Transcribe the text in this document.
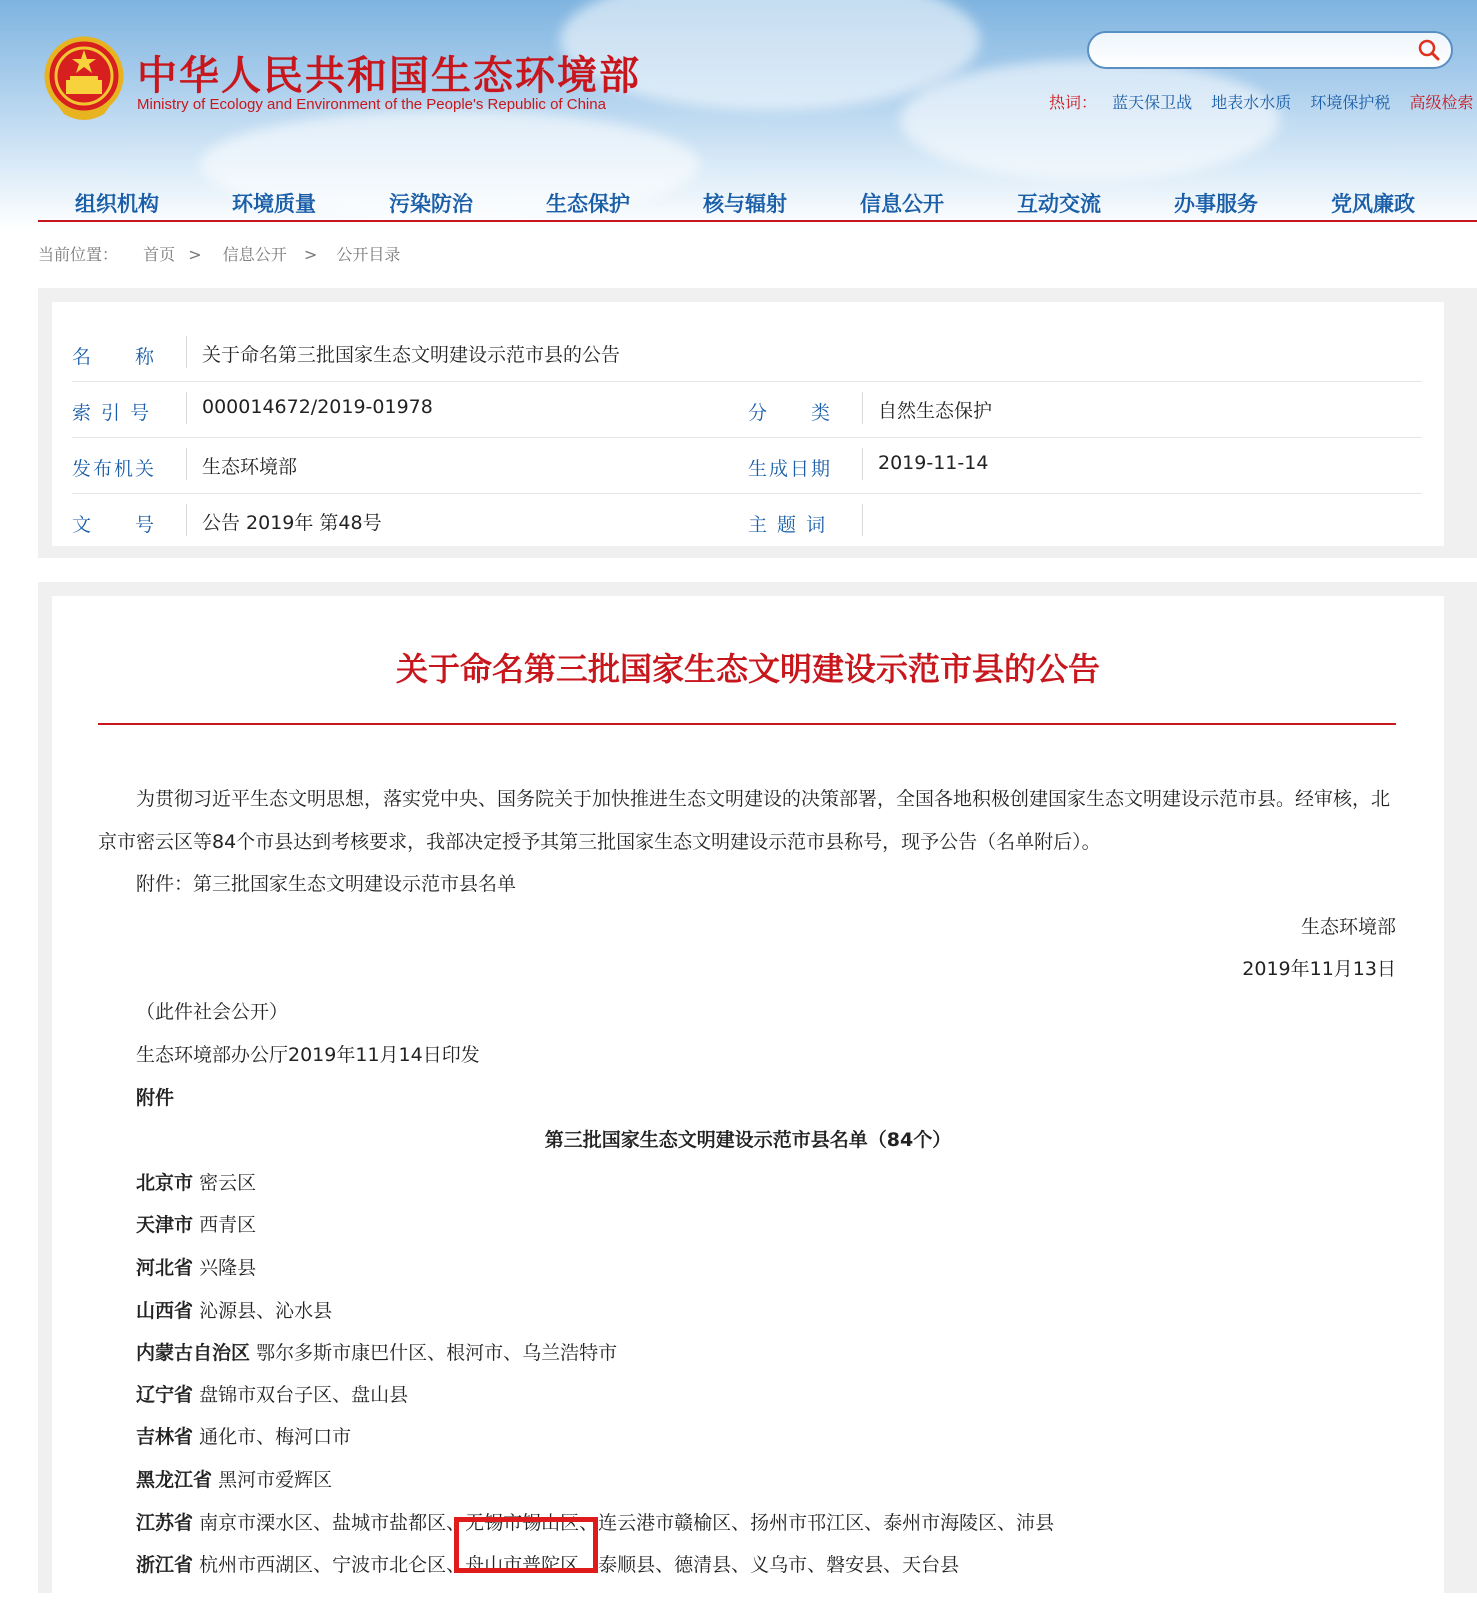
中华人民共和国生态环境部
Ministry of Ecology and Environment of the People's Republic of China	热词： 蓝天保卫战 地表水水质 环境保护税 高级检索
组织机构	环境质量	污染防治	生态保护	核与辐射	信息公开	互动交流	办事服务	党风廉政
当前位置： 首页 > 信息公开 > 公开目录
名　　称	关于命名第三批国家生态文明建设示范市县的公告
索 引 号	000014672/2019-01978	分　　类	自然生态保护
发布机关	生态环境部	生成日期	2019-11-14
文　　号	公告 2019年 第48号	主 题 词
关于命名第三批国家生态文明建设示范市县的公告
为贯彻习近平生态文明思想，落实党中央、国务院关于加快推进生态文明建设的决策部署，全国各地积极创建国家生态文明建设示范市县。经审核，北
京市密云区等84个市县达到考核要求，我部决定授予其第三批国家生态文明建设示范市县称号，现予公告（名单附后）。
附件：第三批国家生态文明建设示范市县名单
生态环境部
2019年11月13日
（此件社会公开）
生态环境部办公厅2019年11月14日印发
附件
第三批国家生态文明建设示范市县名单（84个）
北京市 密云区
天津市 西青区
河北省 兴隆县
山西省 沁源县、沁水县
内蒙古自治区 鄂尔多斯市康巴什区、根河市、乌兰浩特市
辽宁省 盘锦市双台子区、盘山县
吉林省 通化市、梅河口市
黑龙江省 黑河市爱辉区
江苏省 南京市溧水区、盐城市盐都区、无锡市锡山区、连云港市赣榆区、扬州市邗江区、泰州市海陵区、沛县
浙江省 杭州市西湖区、宁波市北仑区、舟山市普陀区、泰顺县、德清县、义乌市、磐安县、天台县
